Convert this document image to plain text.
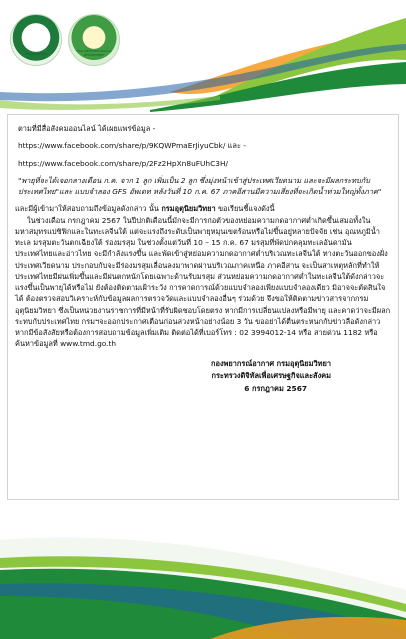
กรมอุตุนิยมวิทยา
THAI METEOROLOGICAL DEPARTMENT

ตามที่มีสื่อสังคมออนไลน์ ได้เผยแพร่ข้อมูล -

https://www.facebook.com/share/p/9KQWPmaErJiyuCbk/ และ -

https://www.facebook.com/share/p/2Fz2HpXn8uFUhC3H/

"พายุที่จะได้เจอกลางเดือน ก.ค. จาก 1 ลูก เพิ่มเป็น 2 ลูก ซึ่งมุ่งหน้าเข้าสู่ประเทศเวียดนาม และจะมีผลกระทบกับประเทศไทย"และ แบบจำลอง GFS อัพเดท หลังวันที่ 10 ก.ค. 67 ภาคอีสานมีความเสี่ยงที่จะเกิดน้ำท่วมใหญ่ทั้งภาค"

และมีผู้เข้ามาให้สอบถามถึงข้อมูลดังกล่าว นั้น กรมอุตุนิยมวิทยา ขอเรียนชี้แจงดังนี้

ในช่วงเดือน กรกฎาคม 2567 ในปีปกติเดือนนี้มักจะมีการก่อตัวของหย่อมความกดอากาศต่ำเกิดขึ้นเสมอทั้งในมหาสมุทรแปซิฟิกและในทะเลจีนใต้ แต่จะแรงถึงระดับเป็นพายุหมุนเขตร้อนหรือไม่ขึ้นอยู่หลายปัจจัย เช่น อุณหภูมิน้ำทะเล มรสุมตะวันตกเฉียงใต้ ร่องมรสุม ในช่วงตั้งแต่วันที่ 10 – 15 ก.ค. 67 มรสุมที่พัดปกคลุมทะเลอันดามัน ประเทศไทยและอ่าวไทย จะมีกำลังแรงขึ้น และพัดเข้าสู่หย่อมความกดอากาศต่ำบริเวณทะเลจีนใต้ ทางตะวันออกของฝั่งประเทศเวียดนาม ประกอบกับจะมีร่องมรสุมเลื่อนลงมาพาดผ่านบริเวณภาคเหนือ ภาคอีสาน จะเป็นสาเหตุหลักที่ทำให้ประเทศไทยมีฝนเพิ่มขึ้นและมีฝนตกหนักโดยเฉพาะด้านรับมรสุม ส่วนหย่อมความกดอากาศต่ำในทะเลจีนใต้ดังกล่าวจะแรงขึ้นเป็นพายุได้หรือไม่ ยังต้องติดตามเฝ้าระวัง การคาดการณ์ด้วยแบบจำลองเพียงแบบจำลองเดียว มิอาจจะตัดสินใจได้ ต้องตรวจสอบวิเคราะห์กับข้อมูลผลการตรวจวัดและแบบจำลองอื่นๆ ร่วมด้วย จึงขอให้ติดตามข่าวสารจากกรมอุตุนิยมวิทยา ซึ่งเป็นหน่วยงานราชการที่มีหน้าที่รับผิดชอบโดยตรง หากมีการเปลี่ยนแปลงหรือมีพายุ และคาดว่าจะมีผลกระทบกับประเทศไทย กรมฯจะออกประกาศเตือนก่อนล่วงหน้าอย่างน้อย 3 วัน ขออย่าได้ตื่นตระหนกกับข่าวลือดังกล่าว หากมีข้อสังสัยหรือต้องการสอบถามข้อมูลเพิ่มเติม ติดต่อได้ที่เบอร์โทร : 02 3994012-14 หรือ สายด่วน 1182 หรือค้นหาข้อมูลที่ www.tmd.go.th

กองพยากรณ์อากาศ กรมอุตุนิยมวิทยา
กระทรวงดิจิทัลเพื่อเศรษฐกิจและสังคม
6 กรกฎาคม 2567
